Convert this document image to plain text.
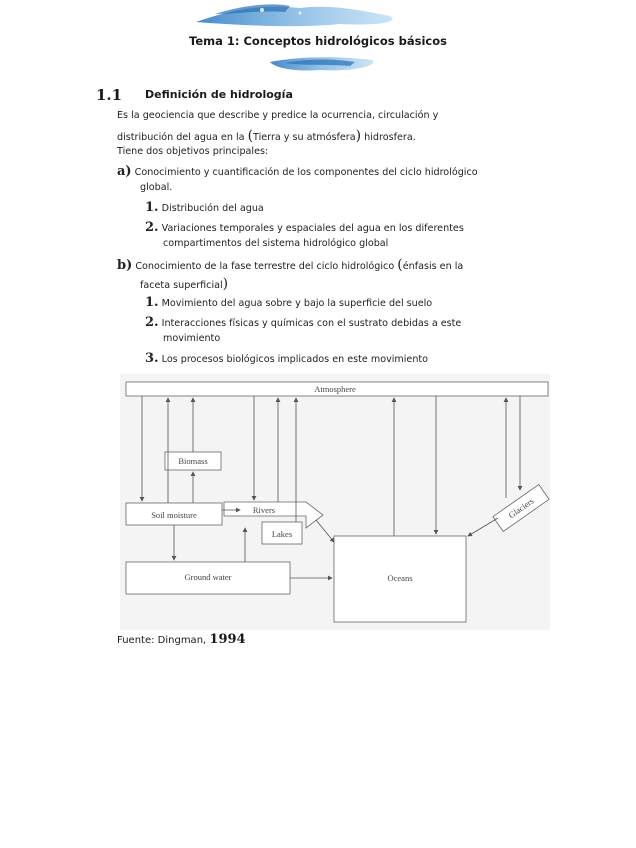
Tema 1: Conceptos hidrológicos básicos
1.1 Definición de hidrología
Es la geociencia que describe y predice la ocurrencia, circulación y
distribución del agua en la (Tierra y su atmósfera) hidrosfera.
Tiene dos objetivos principales:
a) Conocimiento y cuantificación de los componentes del ciclo hidrológico
global.
1. Distribución del agua
2. Variaciones temporales y espaciales del agua en los diferentes
compartimentos del sistema hidrológico global
b) Conocimiento de la fase terrestre del ciclo hidrológico (énfasis en la
faceta superficial)
1. Movimiento del agua sobre y bajo la superficie del suelo
2. Interacciones físicas y químicas con el sustrato debidas a este
movimiento
3. Los procesos biológicos implicados en este movimiento
Atmosphere
Biomass
Soil moisture	Rivers
Lakes
Glaciers
Ground water	Oceans
Fuente: Dingman, 1994
